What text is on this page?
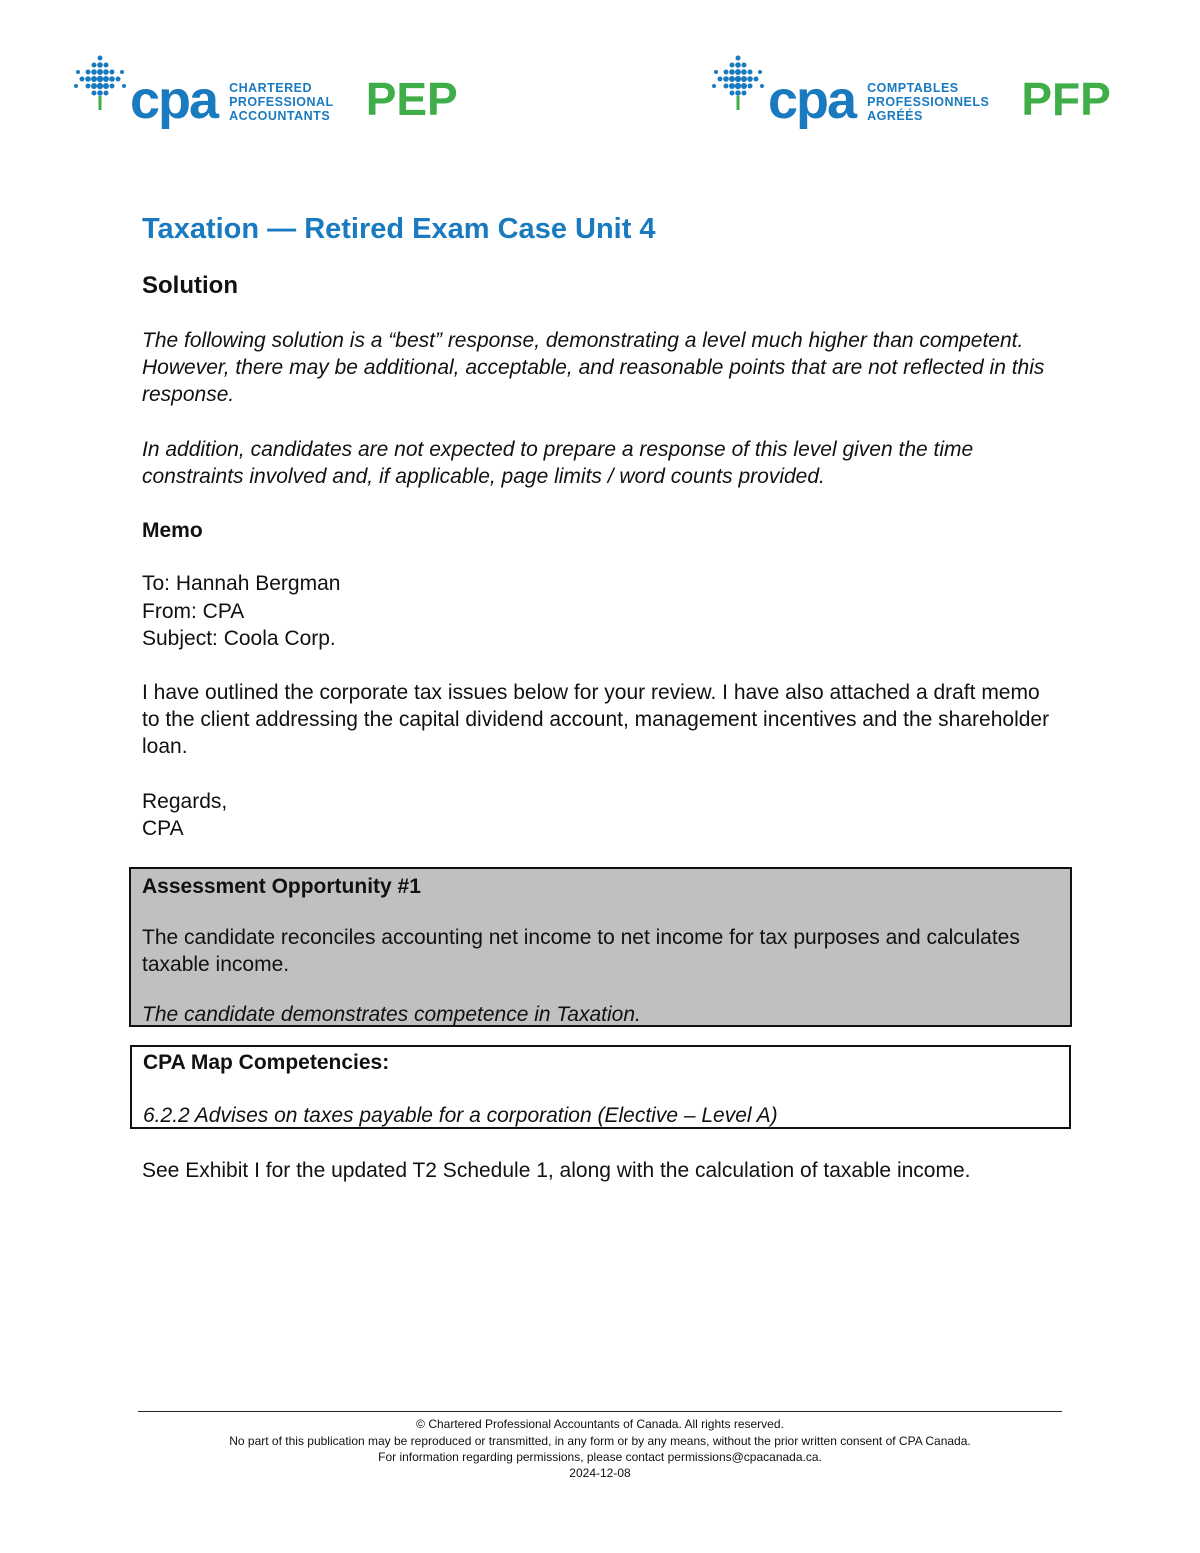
cpa CHARTERED
PROFESSIONAL
ACCOUNTANTS PEP	cpa COMPTABLES
PROFESSIONNELS
AGRÉÉS	PFP
Taxation — Retired Exam Case Unit 4
Solution

The following solution is a “best” response, demonstrating a level much higher than competent. However, there may be additional, acceptable, and reasonable points that are not reflected in this response.

In addition, candidates are not expected to prepare a response of this level given the time constraints involved and, if applicable, page limits / word counts provided.

Memo

To: Hannah Bergman

From: CPA

Subject: Coola Corp.

I have outlined the corporate tax issues below for your review. I have also attached a draft memo to the client addressing the capital dividend account, management incentives and the shareholder loan.

Regards,

CPA

Assessment Opportunity #1

The candidate reconciles accounting net income to net income for tax purposes and calculates taxable income.

The candidate demonstrates competence in Taxation.

CPA Map Competencies:

6.2.2 Advises on taxes payable for a corporation (Elective – Level A)

See Exhibit I for the updated T2 Schedule 1, along with the calculation of taxable income.

© Chartered Professional Accountants of Canada. All rights reserved.
No part of this publication may be reproduced or transmitted, in any form or by any means, without the prior written consent of CPA Canada.
For information regarding permissions, please contact permissions@cpacanada.ca.
2024-12-08
